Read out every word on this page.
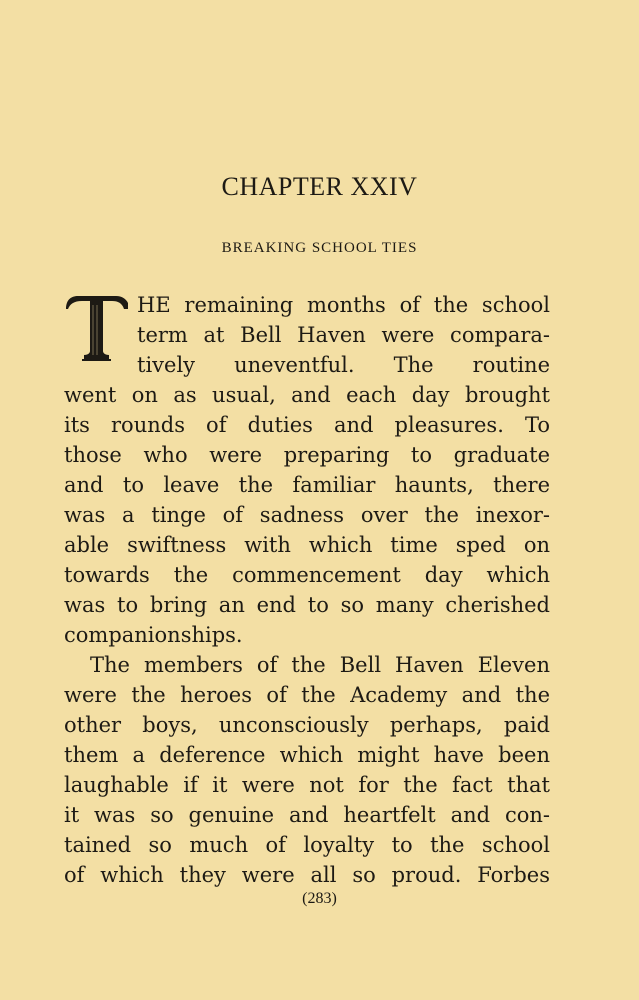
CHAPTER XXIV
BREAKING SCHOOL TIES
HE remaining months of the school
term at Bell Haven were compara-
tively uneventful. The routine
went on as usual, and each day brought
its rounds of duties and pleasures. To
those who were preparing to graduate
and to leave the familiar haunts, there
was a tinge of sadness over the inexor-
able swiftness with which time sped on
towards the commencement day which
was to bring an end to so many cherished
companionships.
The members of the Bell Haven Eleven
were the heroes of the Academy and the
other boys, unconsciously perhaps, paid
them a deference which might have been
laughable if it were not for the fact that
it was so genuine and heartfelt and con-
tained so much of loyalty to the school
of which they were all so proud. Forbes
(283)
